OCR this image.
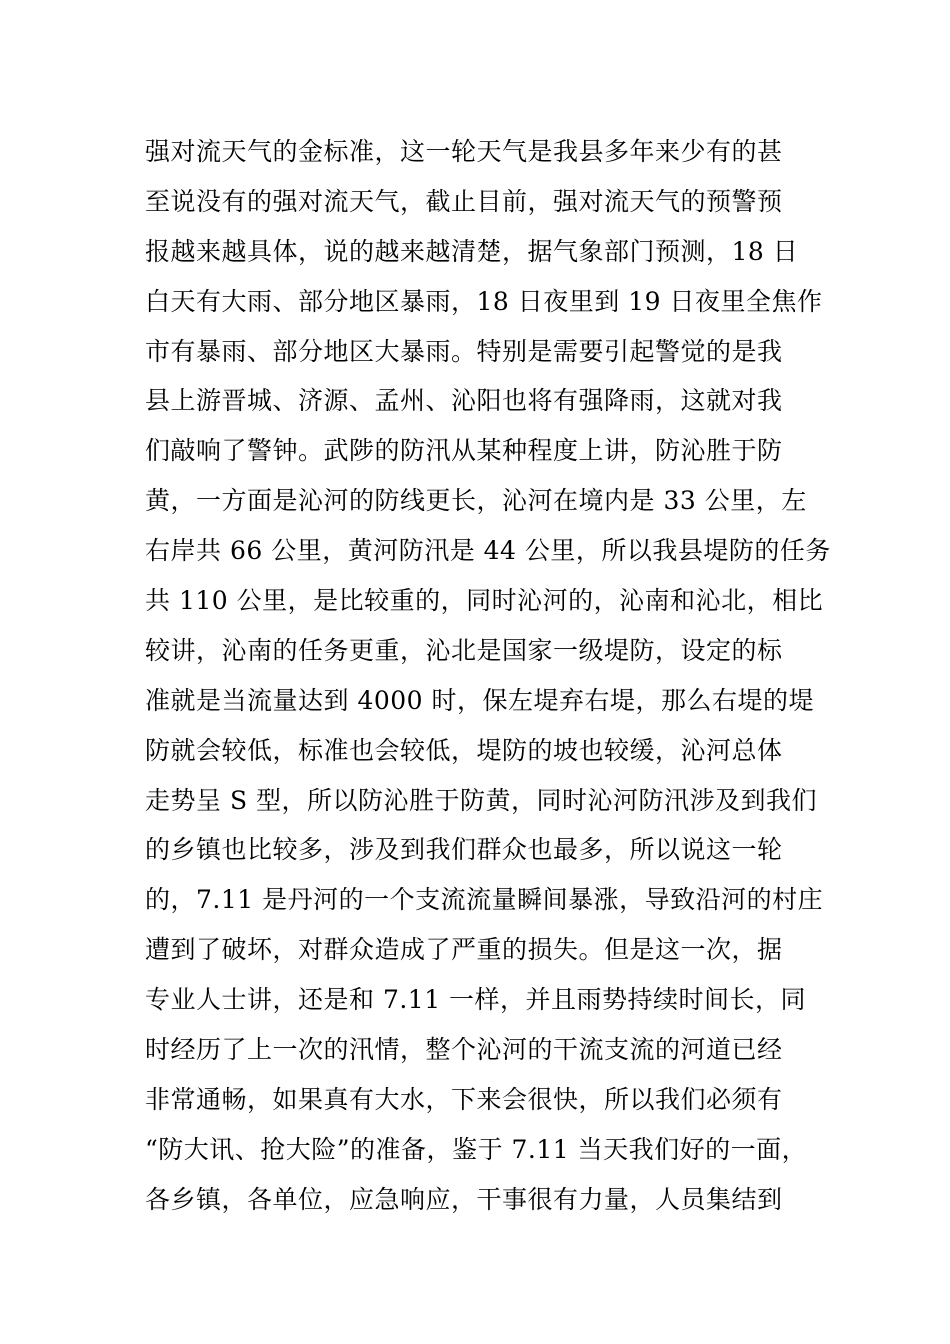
强对流天气的金标准，这一轮天气是我县多年来少有的甚
至说没有的强对流天气，截止目前，强对流天气的预警预
报越来越具体，说的越来越清楚，据气象部门预测，18 日
白天有大雨、部分地区暴雨，18 日夜里到 19 日夜里全焦作
市有暴雨、部分地区大暴雨。特别是需要引起警觉的是我
县上游晋城、济源、孟州、沁阳也将有强降雨，这就对我
们敲响了警钟。武陟的防汛从某种程度上讲，防沁胜于防
黄，一方面是沁河的防线更长，沁河在境内是 33 公里，左
右岸共 66 公里，黄河防汛是 44 公里，所以我县堤防的任务
共 110 公里，是比较重的，同时沁河的，沁南和沁北，相比
较讲，沁南的任务更重，沁北是国家一级堤防，设定的标
准就是当流量达到 4000 时，保左堤弃右堤，那么右堤的堤
防就会较低，标准也会较低，堤防的坡也较缓，沁河总体
走势呈 S 型，所以防沁胜于防黄，同时沁河防汛涉及到我们
的乡镇也比较多，涉及到我们群众也最多，所以说这一轮
的，7.11 是丹河的一个支流流量瞬间暴涨，导致沿河的村庄
遭到了破坏，对群众造成了严重的损失。但是这一次，据
专业人士讲，还是和 7.11 一样，并且雨势持续时间长，同
时经历了上一次的汛情，整个沁河的干流支流的河道已经
非常通畅，如果真有大水，下来会很快，所以我们必须有
“防大讯、抢大险”的准备，鉴于 7.11 当天我们好的一面，
各乡镇，各单位，应急响应，干事很有力量，人员集结到
